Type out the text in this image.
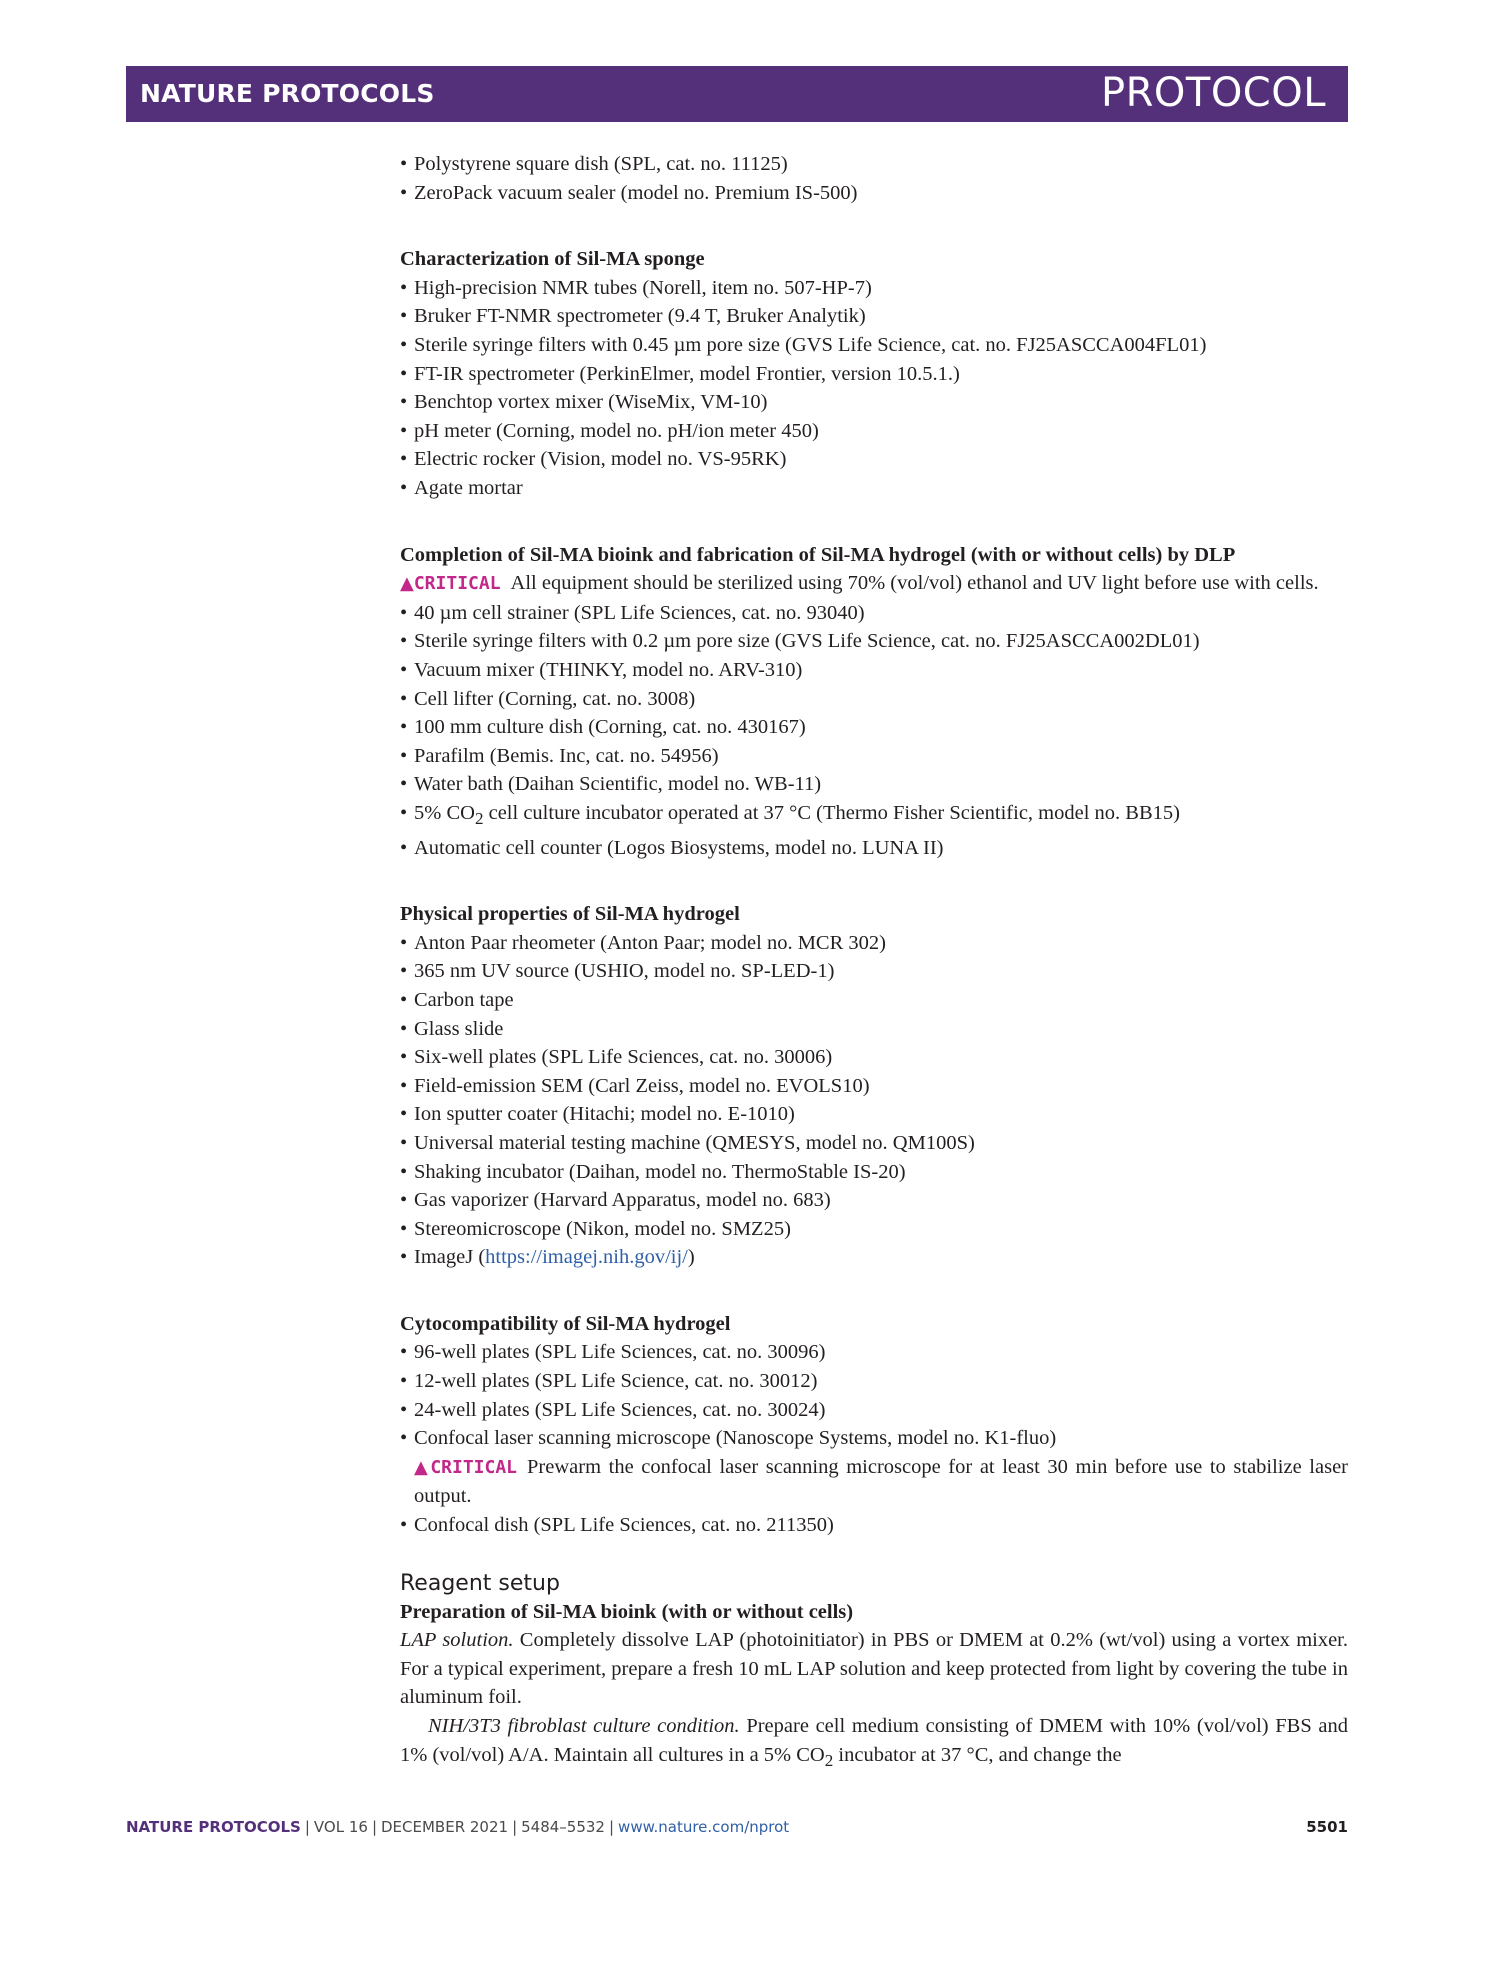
NATURE PROTOCOLS	PROTOCOL
• Polystyrene square dish (SPL, cat. no. 11125)
• ZeroPack vacuum sealer (model no. Premium IS-500)
Characterization of Sil-MA sponge
• High-precision NMR tubes (Norell, item no. 507-HP-7)
• Bruker FT-NMR spectrometer (9.4 T, Bruker Analytik)
• Sterile syringe filters with 0.45 µm pore size (GVS Life Science, cat. no. FJ25ASCCA004FL01)
• FT-IR spectrometer (PerkinElmer, model Frontier, version 10.5.1.)
• Benchtop vortex mixer (WiseMix, VM-10)
• pH meter (Corning, model no. pH/ion meter 450)
• Electric rocker (Vision, model no. VS-95RK)
• Agate mortar
Completion of Sil-MA bioink and fabrication of Sil-MA hydrogel (with or without cells) by DLP
▲CRITICAL All equipment should be sterilized using 70% (vol/vol) ethanol and UV light before use with cells.
• 40 µm cell strainer (SPL Life Sciences, cat. no. 93040)
• Sterile syringe filters with 0.2 µm pore size (GVS Life Science, cat. no. FJ25ASCCA002DL01)
• Vacuum mixer (THINKY, model no. ARV-310)
• Cell lifter (Corning, cat. no. 3008)
• 100 mm culture dish (Corning, cat. no. 430167)
• Parafilm (Bemis. Inc, cat. no. 54956)
• Water bath (Daihan Scientific, model no. WB-11)
• 5% $CO_2$ cell culture incubator operated at 37 °C (Thermo Fisher Scientific, model no. BB15)
• Automatic cell counter (Logos Biosystems, model no. LUNA II)
Physical properties of Sil-MA hydrogel
• Anton Paar rheometer (Anton Paar; model no. MCR 302)
• 365 nm UV source (USHIO, model no. SP-LED-1)
• Carbon tape
• Glass slide
• Six-well plates (SPL Life Sciences, cat. no. 30006)
• Field-emission SEM (Carl Zeiss, model no. EVOLS10)
• Ion sputter coater (Hitachi; model no. E-1010)
• Universal material testing machine (QMESYS, model no. QM100S)
• Shaking incubator (Daihan, model no. ThermoStable IS-20)
• Gas vaporizer (Harvard Apparatus, model no. 683)
• Stereomicroscope (Nikon, model no. SMZ25)
• ImageJ (https://imagej.nih.gov/ij/)
Cytocompatibility of Sil-MA hydrogel
• 96-well plates (SPL Life Sciences, cat. no. 30096)
• 12-well plates (SPL Life Science, cat. no. 30012)
• 24-well plates (SPL Life Sciences, cat. no. 30024)
• Confocal laser scanning microscope (Nanoscope Systems, model no. K1-fluo)
▲CRITICAL Prewarm the confocal laser scanning microscope for at least 30 min before use to stabilize laser output.
• Confocal dish (SPL Life Sciences, cat. no. 211350)
Reagent setup
Preparation of Sil-MA bioink (with or without cells)
LAP solution. Completely dissolve LAP (photoinitiator) in PBS or DMEM at 0.2% (wt/vol) using a vortex mixer. For a typical experiment, prepare a fresh 10 mL LAP solution and keep protected from light by covering the tube in aluminum foil.
NIH/3T3 fibroblast culture condition. Prepare cell medium consisting of DMEM with 10% (vol/vol) FBS and 1% (vol/vol) A/A. Maintain all cultures in a 5% $CO_2$ incubator at 37 °C, and change the
NATURE PROTOCOLS | VOL 16 | DECEMBER 2021 | 5484–5532 | www.nature.com/nprot	5501
